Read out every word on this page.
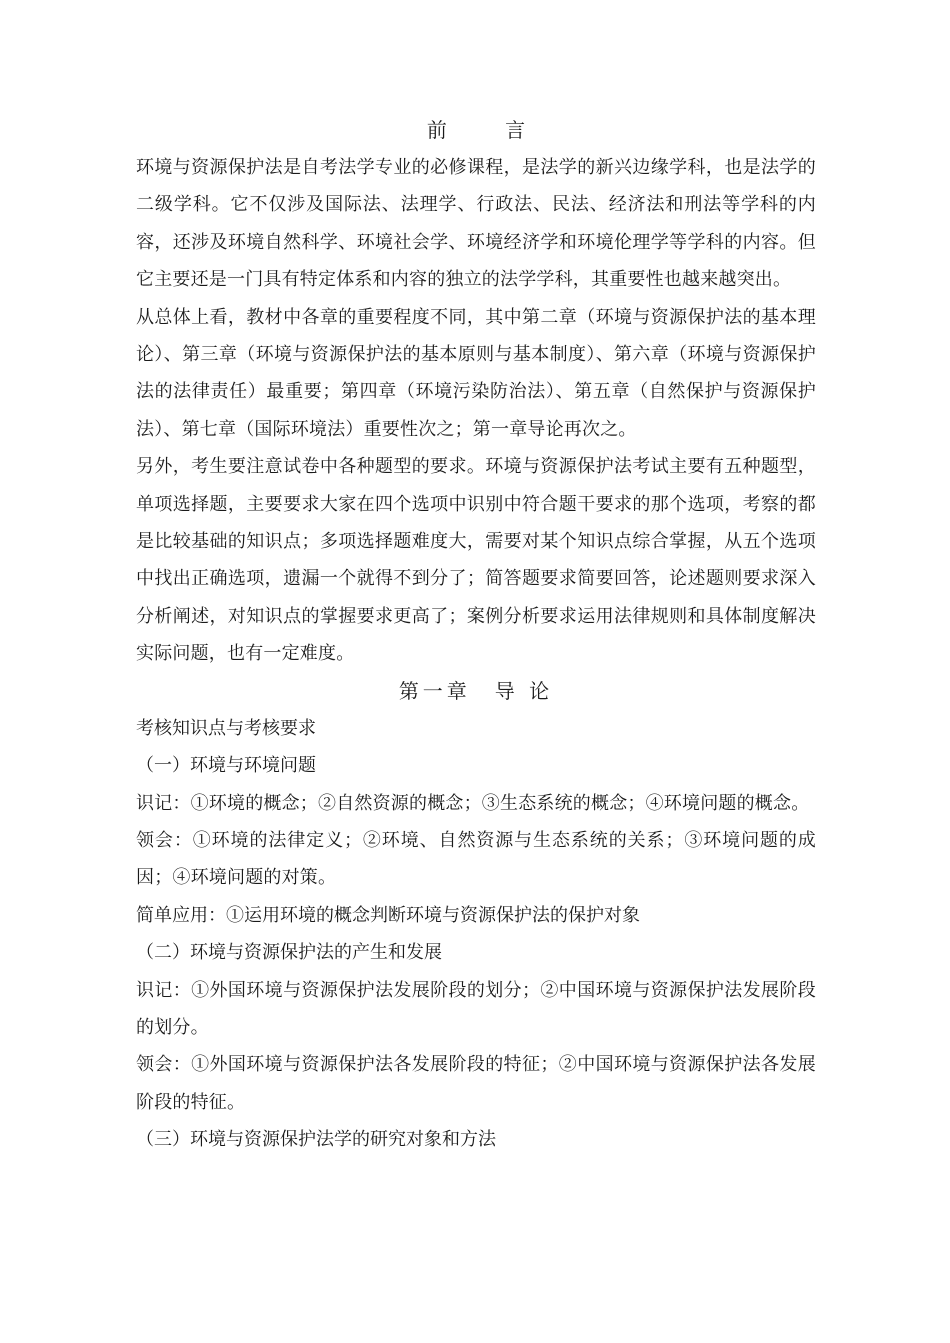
前 言

环境与资源保护法是自考法学专业的必修课程，是法学的新兴边缘学科，也是法学的二级学科。它不仅涉及国际法、法理学、行政法、民法、经济法和刑法等学科的内容，还涉及环境自然科学、环境社会学、环境经济学和环境伦理学等学科的内容。但它主要还是一门具有特定体系和内容的独立的法学学科，其重要性也越来越突出。

从总体上看，教材中各章的重要程度不同，其中第二章（环境与资源保护法的基本理论）、第三章（环境与资源保护法的基本原则与基本制度）、第六章（环境与资源保护法的法律责任）最重要；第四章（环境污染防治法）、第五章（自然保护与资源保护法）、第七章（国际环境法）重要性次之；第一章导论再次之。

另外，考生要注意试卷中各种题型的要求。环境与资源保护法考试主要有五种题型，单项选择题，主要要求大家在四个选项中识别中符合题干要求的那个选项，考察的都是比较基础的知识点；多项选择题难度大，需要对某个知识点综合掌握，从五个选项中找出正确选项，遗漏一个就得不到分了；简答题要求简要回答，论述题则要求深入分析阐述，对知识点的掌握要求更高了；案例分析要求运用法律规则和具体制度解决实际问题，也有一定难度。

第一章　导 论

考核知识点与考核要求

（一）环境与环境问题

识记：①环境的概念；②自然资源的概念；③生态系统的概念；④环境问题的概念。

领会：①环境的法律定义；②环境、自然资源与生态系统的关系；③环境问题的成因；④环境问题的对策。

简单应用：①运用环境的概念判断环境与资源保护法的保护对象

（二）环境与资源保护法的产生和发展

识记：①外国环境与资源保护法发展阶段的划分；②中国环境与资源保护法发展阶段的划分。

领会：①外国环境与资源保护法各发展阶段的特征；②中国环境与资源保护法各发展阶段的特征。

（三）环境与资源保护法学的研究对象和方法
